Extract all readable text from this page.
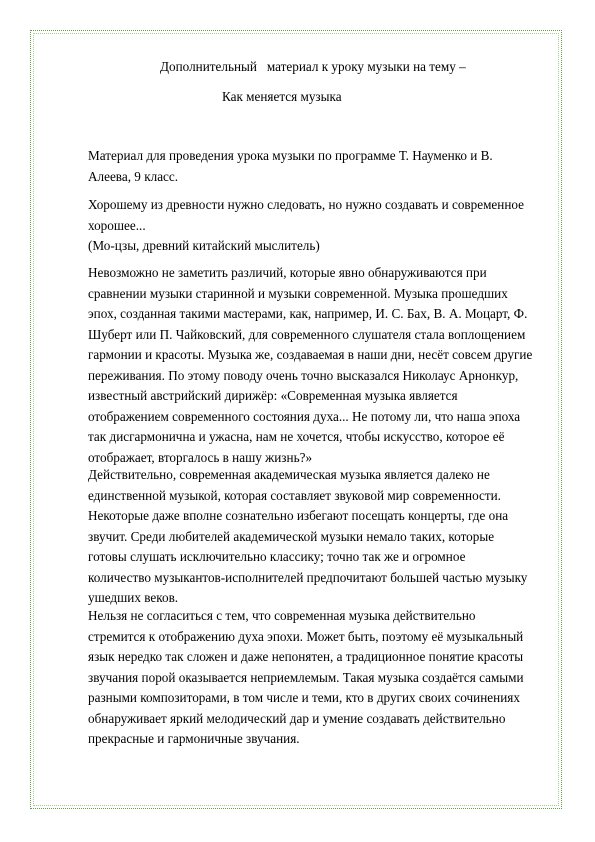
Дополнительный   материал к уроку музыки на тему –
Как меняется музыка
Материал для проведения урока музыки по программе Т. Науменко и В.
Алеева, 9 класс.
Хорошему из древности нужно следовать, но нужно создавать и современное
хорошее...
(Мо-цзы, древний китайский мыслитель)
Невозможно не заметить различий, которые явно обнаруживаются при
сравнении музыки старинной и музыки современной. Музыка прошедших
эпох, созданная такими мастерами, как, например, И. С. Бах, В. А. Моцарт, Ф.
Шуберт или П. Чайковский, для современного слушателя стала воплощением
гармонии и красоты. Музыка же, создаваемая в наши дни, несёт совсем другие
переживания. По этому поводу очень точно высказался Николаус Арнонкур,
известный австрийский дирижёр: «Современная музыка является
отображением современного состояния духа... Не потому ли, что наша эпоха
так дисгармонична и ужасна, нам не хочется, чтобы искусство, которое её
отображает, вторгалось в нашу жизнь?»
Действительно, современная академическая музыка является далеко не
единственной музыкой, которая составляет звуковой мир современности.
Некоторые даже вполне сознательно избегают посещать концерты, где она
звучит. Среди любителей академической музыки немало таких, которые
готовы слушать исключительно классику; точно так же и огромное
количество музыкантов-исполнителей предпочитают большей частью музыку
ушедших веков.
Нельзя не согласиться с тем, что современная музыка действительно
стремится к отображению духа эпохи. Может быть, поэтому её музыкальный
язык нередко так сложен и даже непонятен, а традиционное понятие красоты
звучания порой оказывается неприемлемым. Такая музыка создаётся самыми
разными композиторами, в том числе и теми, кто в других своих сочинениях
обнаруживает яркий мелодический дар и умение создавать действительно
прекрасные и гармоничные звучания.
